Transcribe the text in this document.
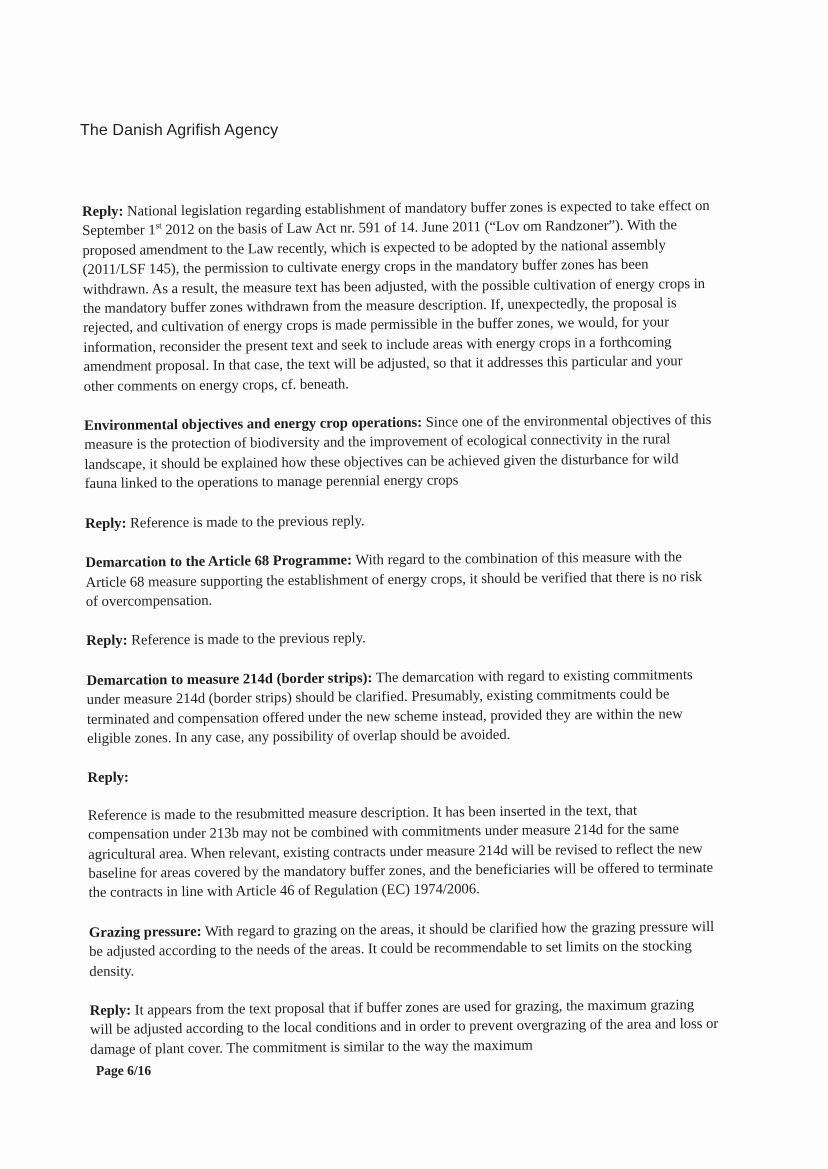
The Danish Agrifish Agency

Reply: National legislation regarding establishment of mandatory buffer zones is expected to take effect on September 1st 2012 on the basis of Law Act nr. 591 of 14. June 2011 (“Lov om Randzoner”). With the proposed amendment to the Law recently, which is expected to be adopted by the national assembly (2011/LSF 145), the permission to cultivate energy crops in the mandatory buffer zones has been withdrawn. As a result, the measure text has been adjusted, with the possible cultivation of energy crops in the mandatory buffer zones withdrawn from the measure description. If, unexpectedly, the proposal is rejected, and cultivation of energy crops is made permissible in the buffer zones, we would, for your information, reconsider the present text and seek to include areas with energy crops in a forthcoming amendment proposal. In that case, the text will be adjusted, so that it addresses this particular and your other comments on energy crops, cf. beneath.

Environmental objectives and energy crop operations: Since one of the environmental objectives of this measure is the protection of biodiversity and the improvement of ecological connectivity in the rural landscape, it should be explained how these objectives can be achieved given the disturbance for wild fauna linked to the operations to manage perennial energy crops

Reply: Reference is made to the previous reply.

Demarcation to the Article 68 Programme: With regard to the combination of this measure with the Article 68 measure supporting the establishment of energy crops, it should be verified that there is no risk of overcompensation.

Reply: Reference is made to the previous reply.

Demarcation to measure 214d (border strips): The demarcation with regard to existing commitments under measure 214d (border strips) should be clarified. Presumably, existing commitments could be terminated and compensation offered under the new scheme instead, provided they are within the new eligible zones. In any case, any possibility of overlap should be avoided.

Reply:

Reference is made to the resubmitted measure description. It has been inserted in the text, that compensation under 213b may not be combined with commitments under measure 214d for the same agricultural area. When relevant, existing contracts under measure 214d will be revised to reflect the new baseline for areas covered by the mandatory buffer zones, and the beneficiaries will be offered to terminate the contracts in line with Article 46 of Regulation (EC) 1974/2006.

Grazing pressure: With regard to grazing on the areas, it should be clarified how the grazing pressure will be adjusted according to the needs of the areas. It could be recommendable to set limits on the stocking density.

Reply: It appears from the text proposal that if buffer zones are used for grazing, the maximum grazing will be adjusted according to the local conditions and in order to prevent overgrazing of the area and loss or damage of plant cover. The commitment is similar to the way the maximum

Page 6/16
